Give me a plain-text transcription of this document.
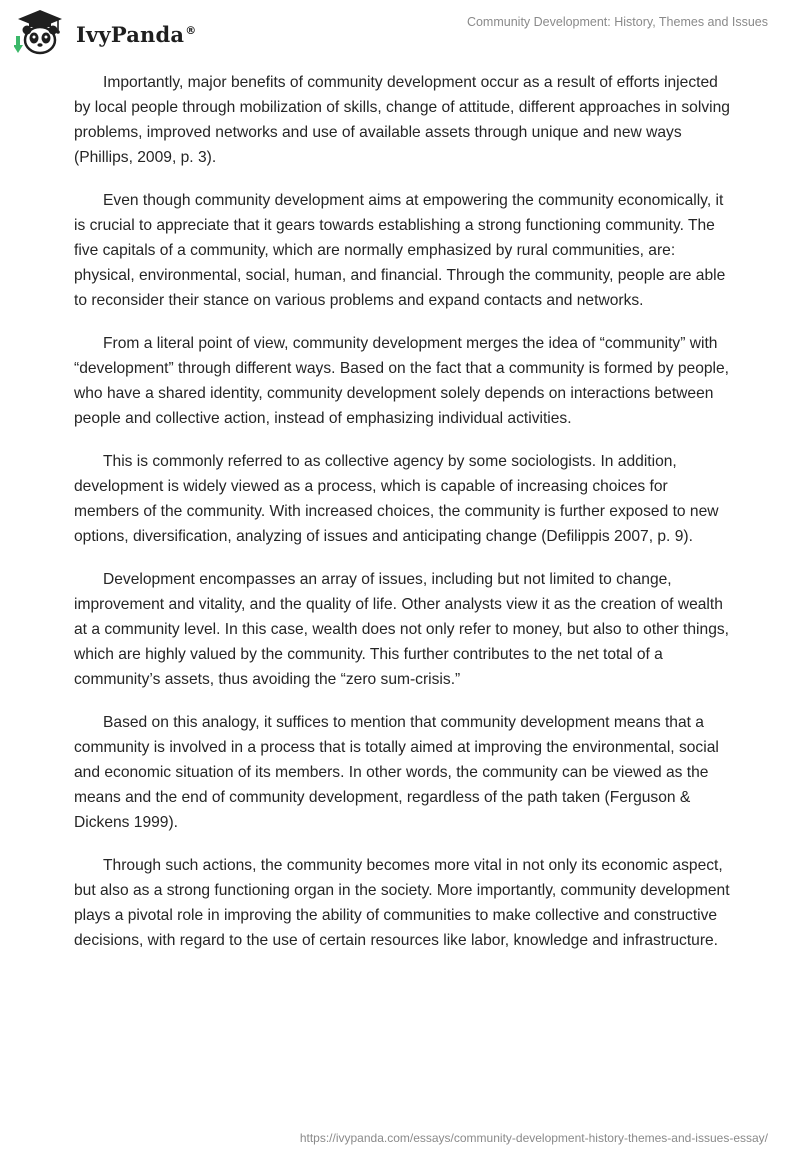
IvyPanda®
Community Development: History, Themes and Issues

Importantly, major benefits of community development occur as a result of efforts injected by local people through mobilization of skills, change of attitude, different approaches in solving problems, improved networks and use of available assets through unique and new ways (Phillips, 2009, p. 3).

Even though community development aims at empowering the community economically, it is crucial to appreciate that it gears towards establishing a strong functioning community. The five capitals of a community, which are normally emphasized by rural communities, are: physical, environmental, social, human, and financial. Through the community, people are able to reconsider their stance on various problems and expand contacts and networks.

From a literal point of view, community development merges the idea of “community” with “development” through different ways. Based on the fact that a community is formed by people, who have a shared identity, community development solely depends on interactions between people and collective action, instead of emphasizing individual activities.

This is commonly referred to as collective agency by some sociologists. In addition, development is widely viewed as a process, which is capable of increasing choices for members of the community. With increased choices, the community is further exposed to new options, diversification, analyzing of issues and anticipating change (Defilippis 2007, p. 9).

Development encompasses an array of issues, including but not limited to change, improvement and vitality, and the quality of life. Other analysts view it as the creation of wealth at a community level. In this case, wealth does not only refer to money, but also to other things, which are highly valued by the community. This further contributes to the net total of a community’s assets, thus avoiding the “zero sum-crisis.”

Based on this analogy, it suffices to mention that community development means that a community is involved in a process that is totally aimed at improving the environmental, social and economic situation of its members. In other words, the community can be viewed as the means and the end of community development, regardless of the path taken (Ferguson & Dickens 1999).

Through such actions, the community becomes more vital in not only its economic aspect, but also as a strong functioning organ in the society. More importantly, community development plays a pivotal role in improving the ability of communities to make collective and constructive decisions, with regard to the use of certain resources like labor, knowledge and infrastructure.

https://ivypanda.com/essays/community-development-history-themes-and-issues-essay/
